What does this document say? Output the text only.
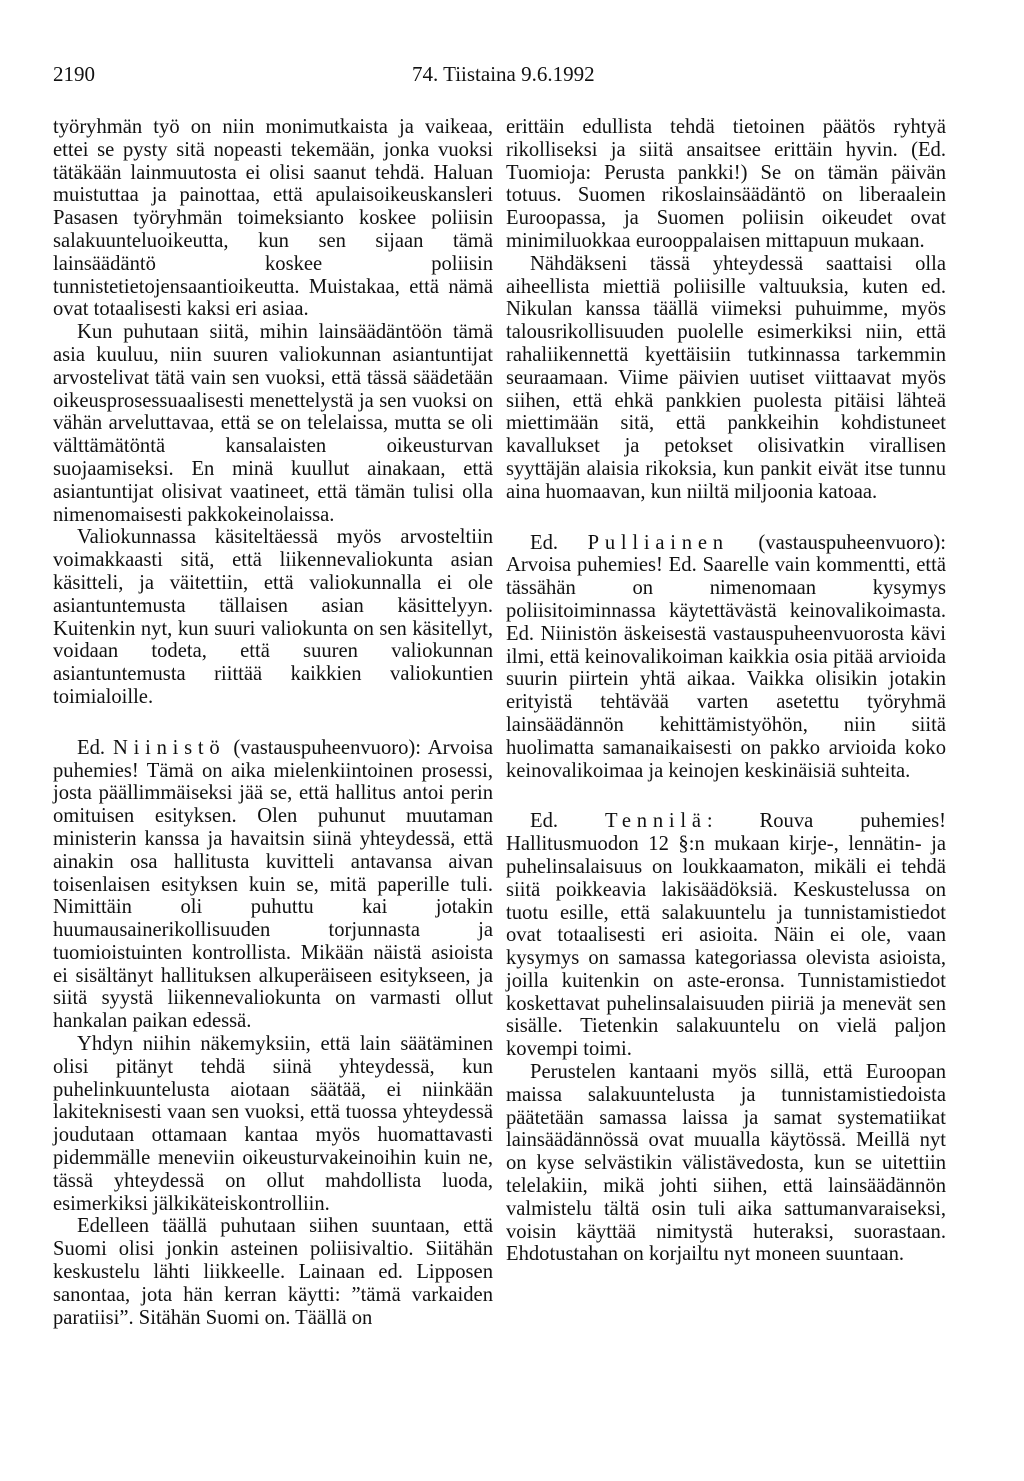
2190	74. Tiistaina 9.6.1992

työryhmän työ on niin monimutkaista ja vaikeaa, ettei se pysty sitä nopeasti tekemään, jonka vuoksi tätäkään lainmuutosta ei olisi saanut tehdä. Haluan muistuttaa ja painottaa, että apulaisoikeuskansleri Pasasen työryhmän toimeksianto koskee poliisin salakuunteluoikeutta, kun sen sijaan tämä lainsäädäntö koskee poliisin tunnistetietojensaantioikeutta. Muistakaa, että nämä ovat totaalisesti kaksi eri asiaa.

Kun puhutaan siitä, mihin lainsäädäntöön tämä asia kuuluu, niin suuren valiokunnan asiantuntijat arvostelivat tätä vain sen vuoksi, että tässä säädetään oikeusprosessuaalisesti menettelystä ja sen vuoksi on vähän arveluttavaa, että se on telelaissa, mutta se oli välttämätöntä kansalaisten oikeusturvan suojaamiseksi. En minä kuullut ainakaan, että asiantuntijat olisivat vaatineet, että tämän tulisi olla nimenomaisesti pakkokeinolaissa.

Valiokunnassa käsiteltäessä myös arvosteltiin voimakkaasti sitä, että liikennevaliokunta asian käsitteli, ja väitettiin, että valiokunnalla ei ole asiantuntemusta tällaisen asian käsittelyyn. Kuitenkin nyt, kun suuri valiokunta on sen käsitellyt, voidaan todeta, että suuren valiokunnan asiantuntemusta riittää kaikkien valiokuntien toimialoille.

Ed. Niinistö (vastauspuheenvuoro): Arvoisa puhemies! Tämä on aika mielenkiintoinen prosessi, josta päällimmäiseksi jää se, että hallitus antoi perin omituisen esityksen. Olen puhunut muutaman ministerin kanssa ja havaitsin siinä yhteydessä, että ainakin osa hallitusta kuvitteli antavansa aivan toisenlaisen esityksen kuin se, mitä paperille tuli. Nimittäin oli puhuttu kai jotakin huumausainerikollisuuden torjunnasta ja tuomioistuinten kontrollista. Mikään näistä asioista ei sisältänyt hallituksen alkuperäiseen esitykseen, ja siitä syystä liikennevaliokunta on varmasti ollut hankalan paikan edessä.

Yhdyn niihin näkemyksiin, että lain säätäminen olisi pitänyt tehdä siinä yhteydessä, kun puhelinkuuntelusta aiotaan säätää, ei niinkään lakiteknisesti vaan sen vuoksi, että tuossa yhteydessä joudutaan ottamaan kantaa myös huomattavasti pidemmälle meneviin oikeusturvakeinoihin kuin ne, tässä yhteydessä on ollut mahdollista luoda, esimerkiksi jälkikäteiskontrolliin.

Edelleen täällä puhutaan siihen suuntaan, että Suomi olisi jonkin asteinen poliisivaltio. Siitähän keskustelu lähti liikkeelle. Lainaan ed. Lipposen sanontaa, jota hän kerran käytti: ”tämä varkaiden paratiisi”. Sitähän Suomi on. Täällä on

erittäin edullista tehdä tietoinen päätös ryhtyä rikolliseksi ja siitä ansaitsee erittäin hyvin. (Ed. Tuomioja: Perusta pankki!) Se on tämän päivän totuus. Suomen rikoslainsäädäntö on liberaalein Euroopassa, ja Suomen poliisin oikeudet ovat minimiluokkaa eurooppalaisen mittapuun mukaan.

Nähdäkseni tässä yhteydessä saattaisi olla aiheellista miettiä poliisille valtuuksia, kuten ed. Nikulan kanssa täällä viimeksi puhuimme, myös talousrikollisuuden puolelle esimerkiksi niin, että rahaliikennettä kyettäisiin tutkinnassa tarkemmin seuraamaan. Viime päivien uutiset viittaavat myös siihen, että ehkä pankkien puolesta pitäisi lähteä miettimään sitä, että pankkeihin kohdistuneet kavallukset ja petokset olisivatkin virallisen syyttäjän alaisia rikoksia, kun pankit eivät itse tunnu aina huomaavan, kun niiltä miljoonia katoaa.

Ed. Pulliainen (vastauspuheenvuoro): Arvoisa puhemies! Ed. Saarelle vain kommentti, että tässähän on nimenomaan kysymys poliisitoiminnassa käytettävästä keinovalikoimasta. Ed. Niinistön äskeisestä vastauspuheenvuorosta kävi ilmi, että keinovalikoiman kaikkia osia pitää arvioida suurin piirtein yhtä aikaa. Vaikka olisikin jotakin erityistä tehtävää varten asetettu työryhmä lainsäädännön kehittämistyöhön, niin siitä huolimatta samanaikaisesti on pakko arvioida koko keinovalikoimaa ja keinojen keskinäisiä suhteita.

Ed. Tennilä: Rouva puhemies! Hallitusmuodon 12 §:n mukaan kirje-, lennätin- ja puhelinsalaisuus on loukkaamaton, mikäli ei tehdä siitä poikkeavia lakisäädöksiä. Keskustelussa on tuotu esille, että salakuuntelu ja tunnistamistiedot ovat totaalisesti eri asioita. Näin ei ole, vaan kysymys on samassa kategoriassa olevista asioista, joilla kuitenkin on aste-eronsa. Tunnistamistiedot koskettavat puhelinsalaisuuden piiriä ja menevät sen sisälle. Tietenkin salakuuntelu on vielä paljon kovempi toimi.

Perustelen kantaani myös sillä, että Euroopan maissa salakuuntelusta ja tunnistamistiedoista päätetään samassa laissa ja samat systematiikat lainsäädännössä ovat muualla käytössä. Meillä nyt on kyse selvästikin välistävedosta, kun se uitettiin telelakiin, mikä johti siihen, että lainsäädännön valmistelu tältä osin tuli aika sattumanvaraiseksi, voisin käyttää nimitystä huteraksi, suorastaan. Ehdotustahan on korjailtu nyt moneen suuntaan.
